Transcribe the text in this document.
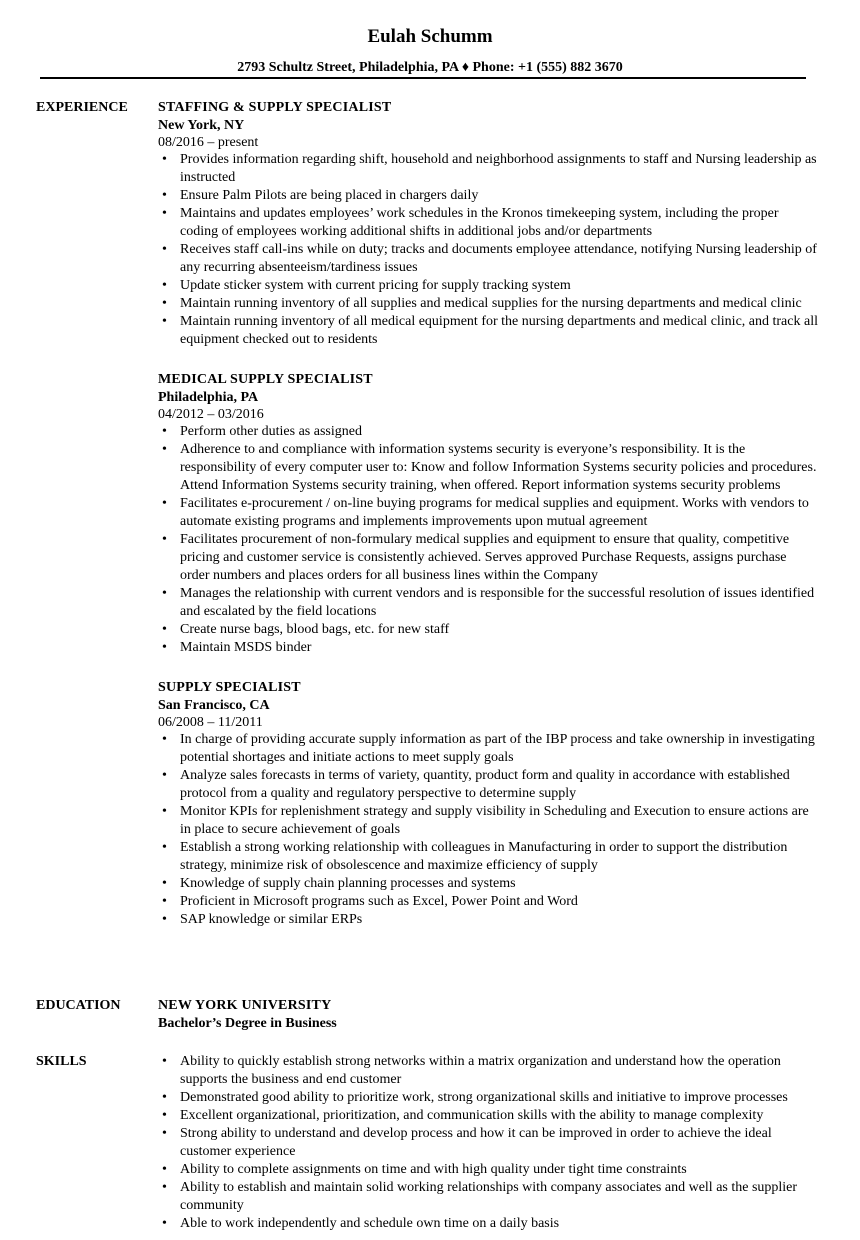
Eulah Schumm
2793 Schultz Street, Philadelphia, PA ♦ Phone: +1 (555) 882 3670
EXPERIENCE STAFFING & SUPPLY SPECIALIST
New York, NY
08/2016 – present
• Provides information regarding shift, household and neighborhood assignments to staff and Nursing leadership as instructed
• Ensure Palm Pilots are being placed in chargers daily
• Maintains and updates employees’ work schedules in the Kronos timekeeping system, including the proper coding of employees working additional shifts in additional jobs and/or departments
• Receives staff call-ins while on duty; tracks and documents employee attendance, notifying Nursing leadership of any recurring absenteeism/tardiness issues
• Update sticker system with current pricing for supply tracking system
• Maintain running inventory of all supplies and medical supplies for the nursing departments and medical clinic
• Maintain running inventory of all medical equipment for the nursing departments and medical clinic, and track all equipment checked out to residents
MEDICAL SUPPLY SPECIALIST
Philadelphia, PA
04/2012 – 03/2016
• Perform other duties as assigned
• Adherence to and compliance with information systems security is everyone’s responsibility. It is the responsibility of every computer user to: Know and follow Information Systems security policies and procedures. Attend Information Systems security training, when offered. Report information systems security problems
• Facilitates e-procurement / on-line buying programs for medical supplies and equipment. Works with vendors to automate existing programs and implements improvements upon mutual agreement
• Facilitates procurement of non-formulary medical supplies and equipment to ensure that quality, competitive pricing and customer service is consistently achieved. Serves approved Purchase Requests, assigns purchase order numbers and places orders for all business lines within the Company
• Manages the relationship with current vendors and is responsible for the successful resolution of issues identified and escalated by the field locations
• Create nurse bags, blood bags, etc. for new staff
• Maintain MSDS binder
SUPPLY SPECIALIST
San Francisco, CA
06/2008 – 11/2011
• In charge of providing accurate supply information as part of the IBP process and take ownership in investigating potential shortages and initiate actions to meet supply goals
• Analyze sales forecasts in terms of variety, quantity, product form and quality in accordance with established protocol from a quality and regulatory perspective to determine supply
• Monitor KPIs for replenishment strategy and supply visibility in Scheduling and Execution to ensure actions are in place to secure achievement of goals
• Establish a strong working relationship with colleagues in Manufacturing in order to support the distribution strategy, minimize risk of obsolescence and maximize efficiency of supply
• Knowledge of supply chain planning processes and systems
• Proficient in Microsoft programs such as Excel, Power Point and Word
• SAP knowledge or similar ERPs
EDUCATION	NEW YORK UNIVERSITY
Bachelor’s Degree in Business
SKILLS	• Ability to quickly establish strong networks within a matrix organization and understand how the operation supports the business and end customer
• Demonstrated good ability to prioritize work, strong organizational skills and initiative to improve processes
• Excellent organizational, prioritization, and communication skills with the ability to manage complexity
• Strong ability to understand and develop process and how it can be improved in order to achieve the ideal customer experience
• Ability to complete assignments on time and with high quality under tight time constraints
• Ability to establish and maintain solid working relationships with company associates and well as the supplier community
• Able to work independently and schedule own time on a daily basis
